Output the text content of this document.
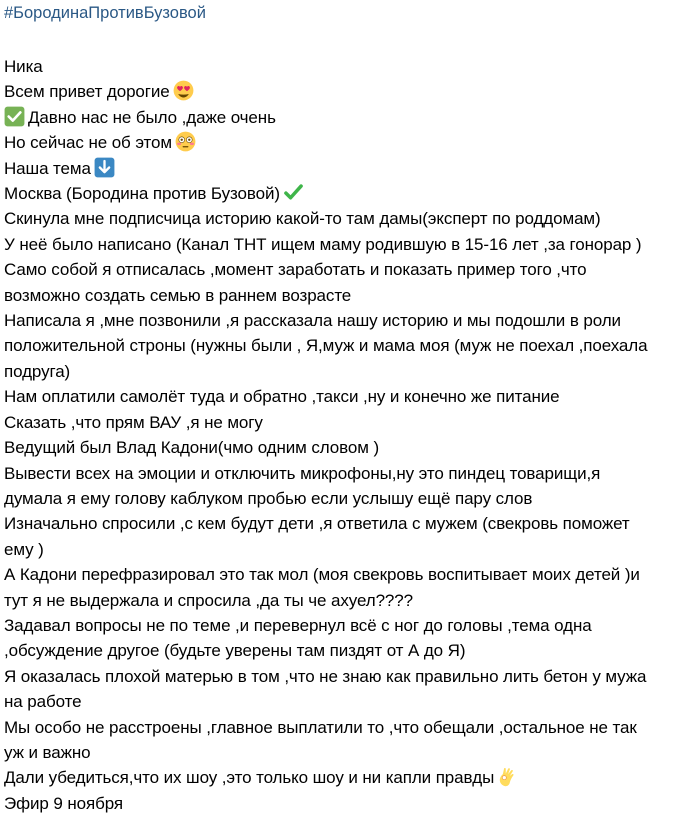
#БородинаПротивБузовой
Ника
Всем привет дорогие
Давно нас не было ,даже очень
Но сейчас не об этом
Наша тема
Москва (Бородина против Бузовой)
Скинула мне подписчица историю какой-то там дамы(эксперт по роддомам)
У неё было написано (Канал ТНТ ищем маму родившую в 15-16 лет ,за гонорар )
Само собой я отписалась ,момент заработать и показать пример того ,что
возможно создать семью в раннем возрасте
Написала я ,мне позвонили ,я рассказала нашу историю и мы подошли в роли
положительной строны (нужны были , Я,муж и мама моя (муж не поехал ,поехала
подруга)
Нам оплатили самолёт туда и обратно ,такси ,ну и конечно же питание
Сказать ,что прям ВАУ ,я не могу
Ведущий был Влад Кадони(чмо одним словом )
Вывести всех на эмоции и отключить микрофоны,ну это пиндец товарищи,я
думала я ему голову каблуком пробью если услышу ещё пару слов
Изначально спросили ,с кем будут дети ,я ответила с мужем (свекровь поможет
ему )
А Кадони перефразировал это так мол (моя свекровь воспитывает моих детей )и
тут я не выдержала и спросила ,да ты че ахуел????
Задавал вопросы не по теме ,и перевернул всё с ног до головы ,тема одна
,обсуждение другое (будьте уверены там пиздят от А до Я)
Я оказалась плохой матерью в том ,что не знаю как правильно лить бетон у мужа
на работе
Мы особо не расстроены ,главное выплатили то ,что обещали ,остальное не так
уж и важно
Дали убедиться,что их шоу ,это только шоу и ни капли правды
Эфир 9 ноября
